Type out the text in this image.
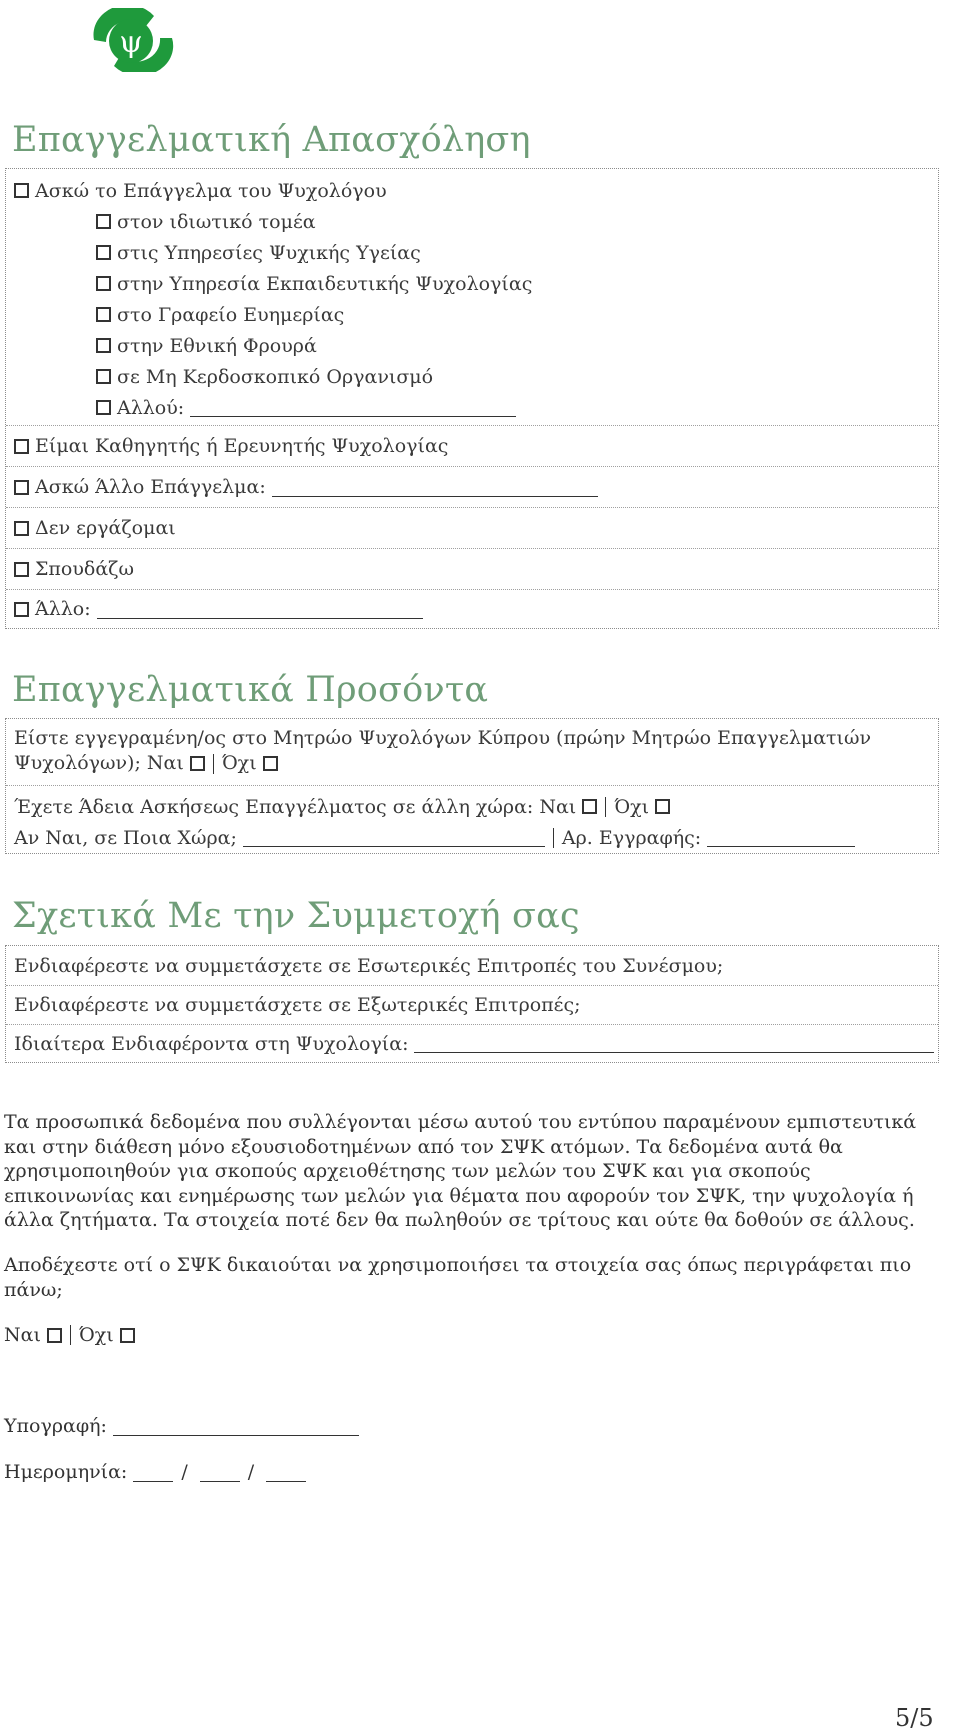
ψ
Επαγγελματική Απασχόληση
Ασκώ το Επάγγελμα του Ψυχολόγου
στον ιδιωτικό τομέα
στις Υπηρεσίες Ψυχικής Υγείας
στην Υπηρεσία Εκπαιδευτικής Ψυχολογίας
στο Γραφείο Ευημερίας
στην Εθνική Φρουρά
σε Μη Κερδοσκοπικό Οργανισμό
Αλλού:
Είμαι Καθηγητής ή Ερευνητής Ψυχολογίας
Ασκώ Άλλο Επάγγελμα:
Δεν εργάζομαι
Σπουδάζω
Άλλο:
Επαγγελματικά Προσόντα
Είστε εγγεγραμένη/ος στο Μητρώο Ψυχολόγων Κύπρου (πρώην Μητρώο Επαγγελματιών
Ψυχολόγων); Ναι Όχι
Έχετε Άδεια Ασκήσεως Επαγγέλματος σε άλλη χώρα: Ναι Όχι
Αν Ναι, σε Ποια Χώρα;	Αρ. Εγγραφής:
Σχετικά Με την Συμμετοχή σας
Ενδιαφέρεστε να συμμετάσχετε σε Εσωτερικές Επιτροπές του Συνέσμου;
Ενδιαφέρεστε να συμμετάσχετε σε Εξωτερικές Επιτροπές;
Ιδιαίτερα Ενδιαφέροντα στη Ψυχολογία:

Τα προσωπικά δεδομένα που συλλέγονται μέσω αυτού του εντύπου παραμένουν εμπιστευτικά και στην διάθεση μόνο εξουσιοδοτημένων από τον ΣΨΚ ατόμων. Τα δεδομένα αυτά θα χρησιμοποιηθούν για σκοπούς αρχειοθέτησης των μελών του ΣΨΚ και για σκοπούς επικοινωνίας και ενημέρωσης των μελών για θέματα που αφορούν τον ΣΨΚ, την ψυχολογία ή άλλα ζητήματα. Τα στοιχεία ποτέ δεν θα πωληθούν σε τρίτους και ούτε θα δοθούν σε άλλους.

Αποδέχεστε οτί ο ΣΨΚ δικαιούται να χρησιμοποιήσει τα στοιχεία σας όπως περιγράφεται πιο πάνω;

Ναι Όχι
Υπογραφή:
Ημερομηνία:	/	/
5/5
